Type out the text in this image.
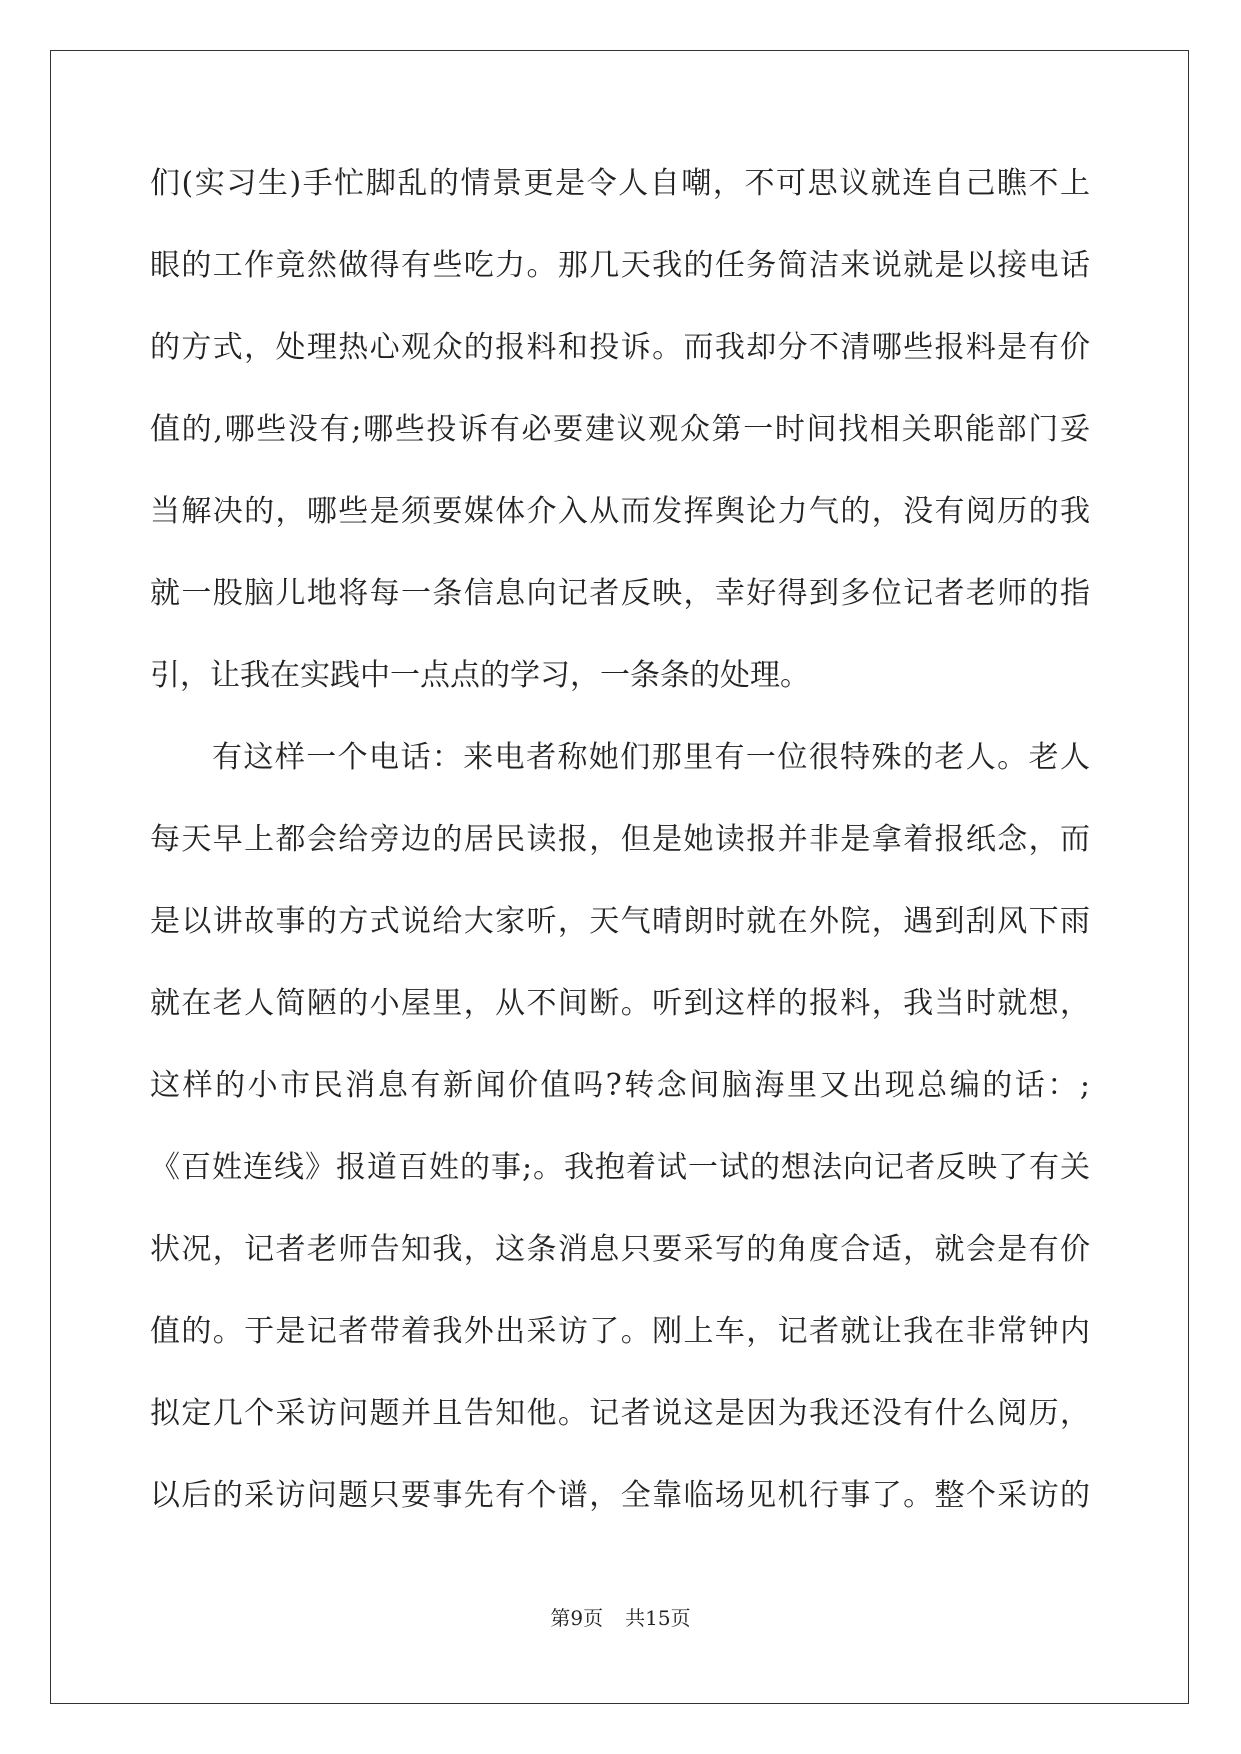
们(实习生)手忙脚乱的情景更是令人自嘲，不可思议就连自己瞧不上
眼的工作竟然做得有些吃力。那几天我的任务简洁来说就是以接电话
的方式，处理热心观众的报料和投诉。而我却分不清哪些报料是有价
值的,哪些没有;哪些投诉有必要建议观众第一时间找相关职能部门妥
当解决的，哪些是须要媒体介入从而发挥舆论力气的，没有阅历的我
就一股脑儿地将每一条信息向记者反映，幸好得到多位记者老师的指
引，让我在实践中一点点的学习，一条条的处理。
有这样一个电话：来电者称她们那里有一位很特殊的老人。老人
每天早上都会给旁边的居民读报，但是她读报并非是拿着报纸念，而
是以讲故事的方式说给大家听，天气晴朗时就在外院，遇到刮风下雨
就在老人简陋的小屋里，从不间断。听到这样的报料，我当时就想，
这样的小市民消息有新闻价值吗?转念间脑海里又出现总编的话：;
《百姓连线》报道百姓的事;。我抱着试一试的想法向记者反映了有关
状况，记者老师告知我，这条消息只要采写的角度合适，就会是有价
值的。于是记者带着我外出采访了。刚上车，记者就让我在非常钟内
拟定几个采访问题并且告知他。记者说这是因为我还没有什么阅历，
以后的采访问题只要事先有个谱，全靠临场见机行事了。整个采访的
第9页 共15页
